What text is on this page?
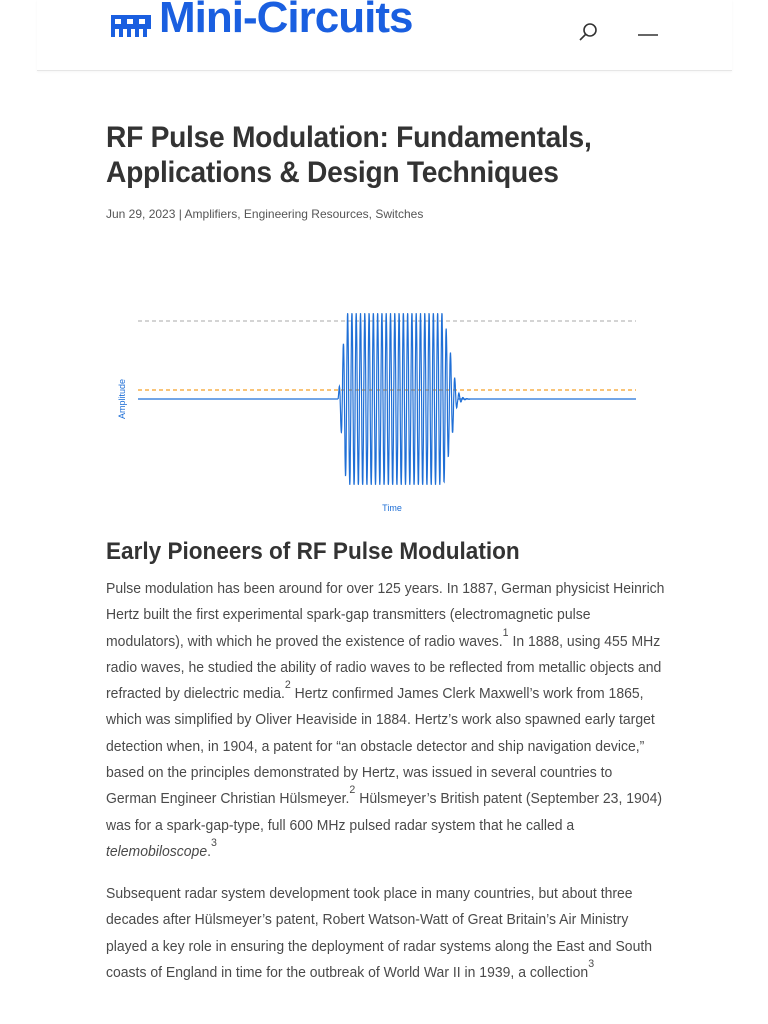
Mini-Circuits
RF Pulse Modulation: Fundamentals, Applications & Design Techniques
Jun 29, 2023 | Amplifiers, Engineering Resources, Switches
Amplitude
Time
Early Pioneers of RF Pulse Modulation

Pulse modulation has been around for over 125 years. In 1887, German physicist Heinrich Hertz built the first experimental spark-gap transmitters (electromagnetic pulse modulators), with which he proved the existence of radio waves.$^1$ In 1888, using 455 MHz radio waves, he studied the ability of radio waves to be reflected from metallic objects and refracted by dielectric media.$^2$ Hertz confirmed James Clerk Maxwell’s work from 1865, which was simplified by Oliver Heaviside in 1884. Hertz’s work also spawned early target detection when, in 1904, a patent for “an obstacle detector and ship navigation device,” based on the principles demonstrated by Hertz, was issued in several countries to German Engineer Christian Hülsmeyer.$^2$ Hülsmeyer’s British patent (September 23, 1904) was for a spark-gap-type, full 600 MHz pulsed radar system that he called a telemobiloscope.$^3$

Subsequent radar system development took place in many countries, but about three decades after Hülsmeyer’s patent, Robert Watson-Watt of Great Britain’s Air Ministry played a key role in ensuring the deployment of radar systems along the East and South coasts of England in time for the outbreak of World War II in 1939, a collection$^3$
